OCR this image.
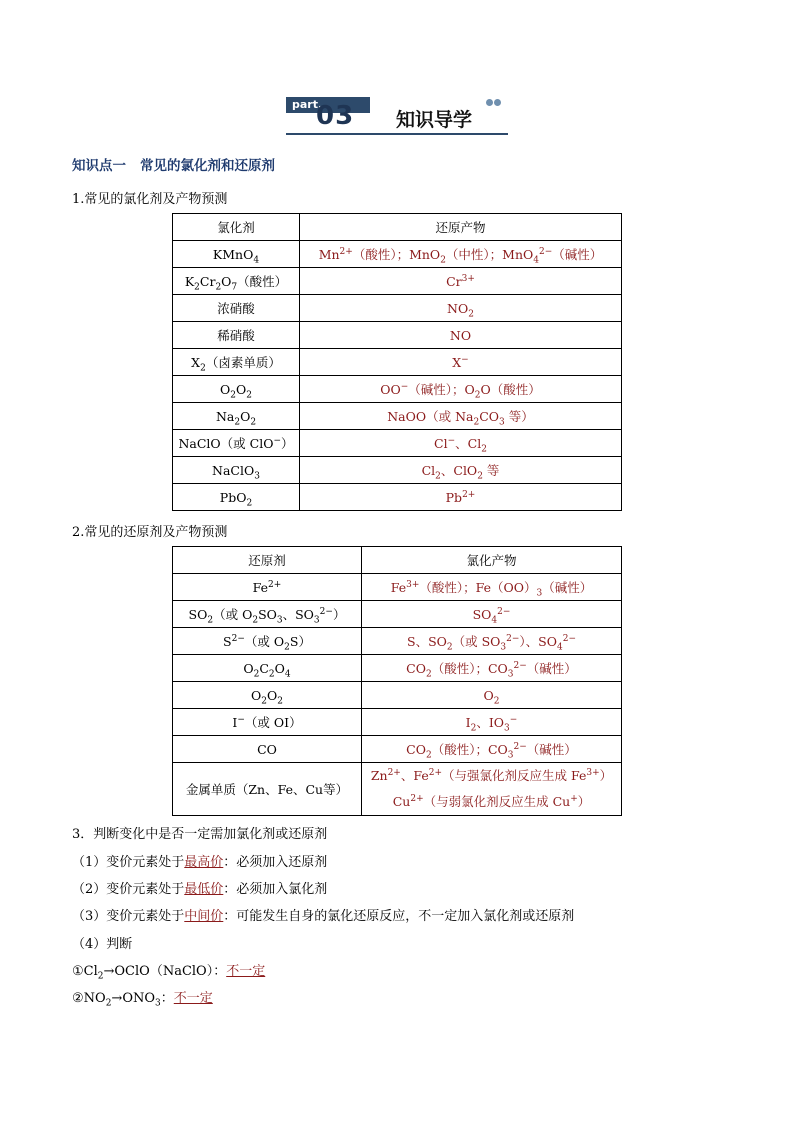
part.
03 知识导学
知识点一 常见的氯化剂和还原剂
1.常见的氯化剂及产物预测
氯化剂	还原产物
KMnO$_4$	$Mn^{2+}$（酸性）；MnO$_2$（中性）；MnO$_4^{2-}$（碱性）
$K_2Cr_2O_7$（酸性）	$Cr^{3+}$
浓硝酸	$NO_2$
稀硝酸	NO
$X_2$（卤素单质）	X−
$O_2O_2$	OO−（碱性）；$O_2O$（酸性）
$Na_2O_2$	NaOO（或 $Na_2CO_3$ 等）
NaClO（或 ClO−）	Cl−、$Cl_2$
NaClO$_3$	$Cl_2$、ClO$_2$ 等
PbO$_2$	$Pb^{2+}$
2.常见的还原剂及产物预测
还原剂	氯化产物
$Fe^{2+}$	$Fe^{3+}$（酸性）；$Fe(OO)_3$（碱性）
$SO_2$（或 $O_2SO_3$、$SO_3^{2-}$）	$SO_4^{2-}$
$S^{2-}$（或 $O_2S$）	S、$SO_2$（或 $SO_3^{2-}$）、$SO_4^{2-}$
$O_2C_2O_4$	$CO_2$（酸性）；$CO_3^{2-}$（碱性）
$O_2O_2$	$O_2$
I−（或 OI）	$I_2$、$IO_3^-$
CO	$CO_2$（酸性）；$CO_3^{2-}$（碱性）
金属单质（Zn、Fe、Cu等）	$Zn^{2+}$、$Fe^{2+}$（与强氯化剂反应生成 $Fe^{3+}$）
$Cu^{2+}$（与弱氯化剂反应生成 Cu+）
3．判断变化中是否一定需加氯化剂或还原剂
（1）变价元素处于最高价：必须加入还原剂
（2）变价元素处于最低价：必须加入氯化剂
（3）变价元素处于中间价：可能发生自身的氯化还原反应，不一定加入氯化剂或还原剂
（4）判断
$①Cl_2\to OClO(NaClO)$：不一定
$②NO_2\to ONO_3$：不一定
